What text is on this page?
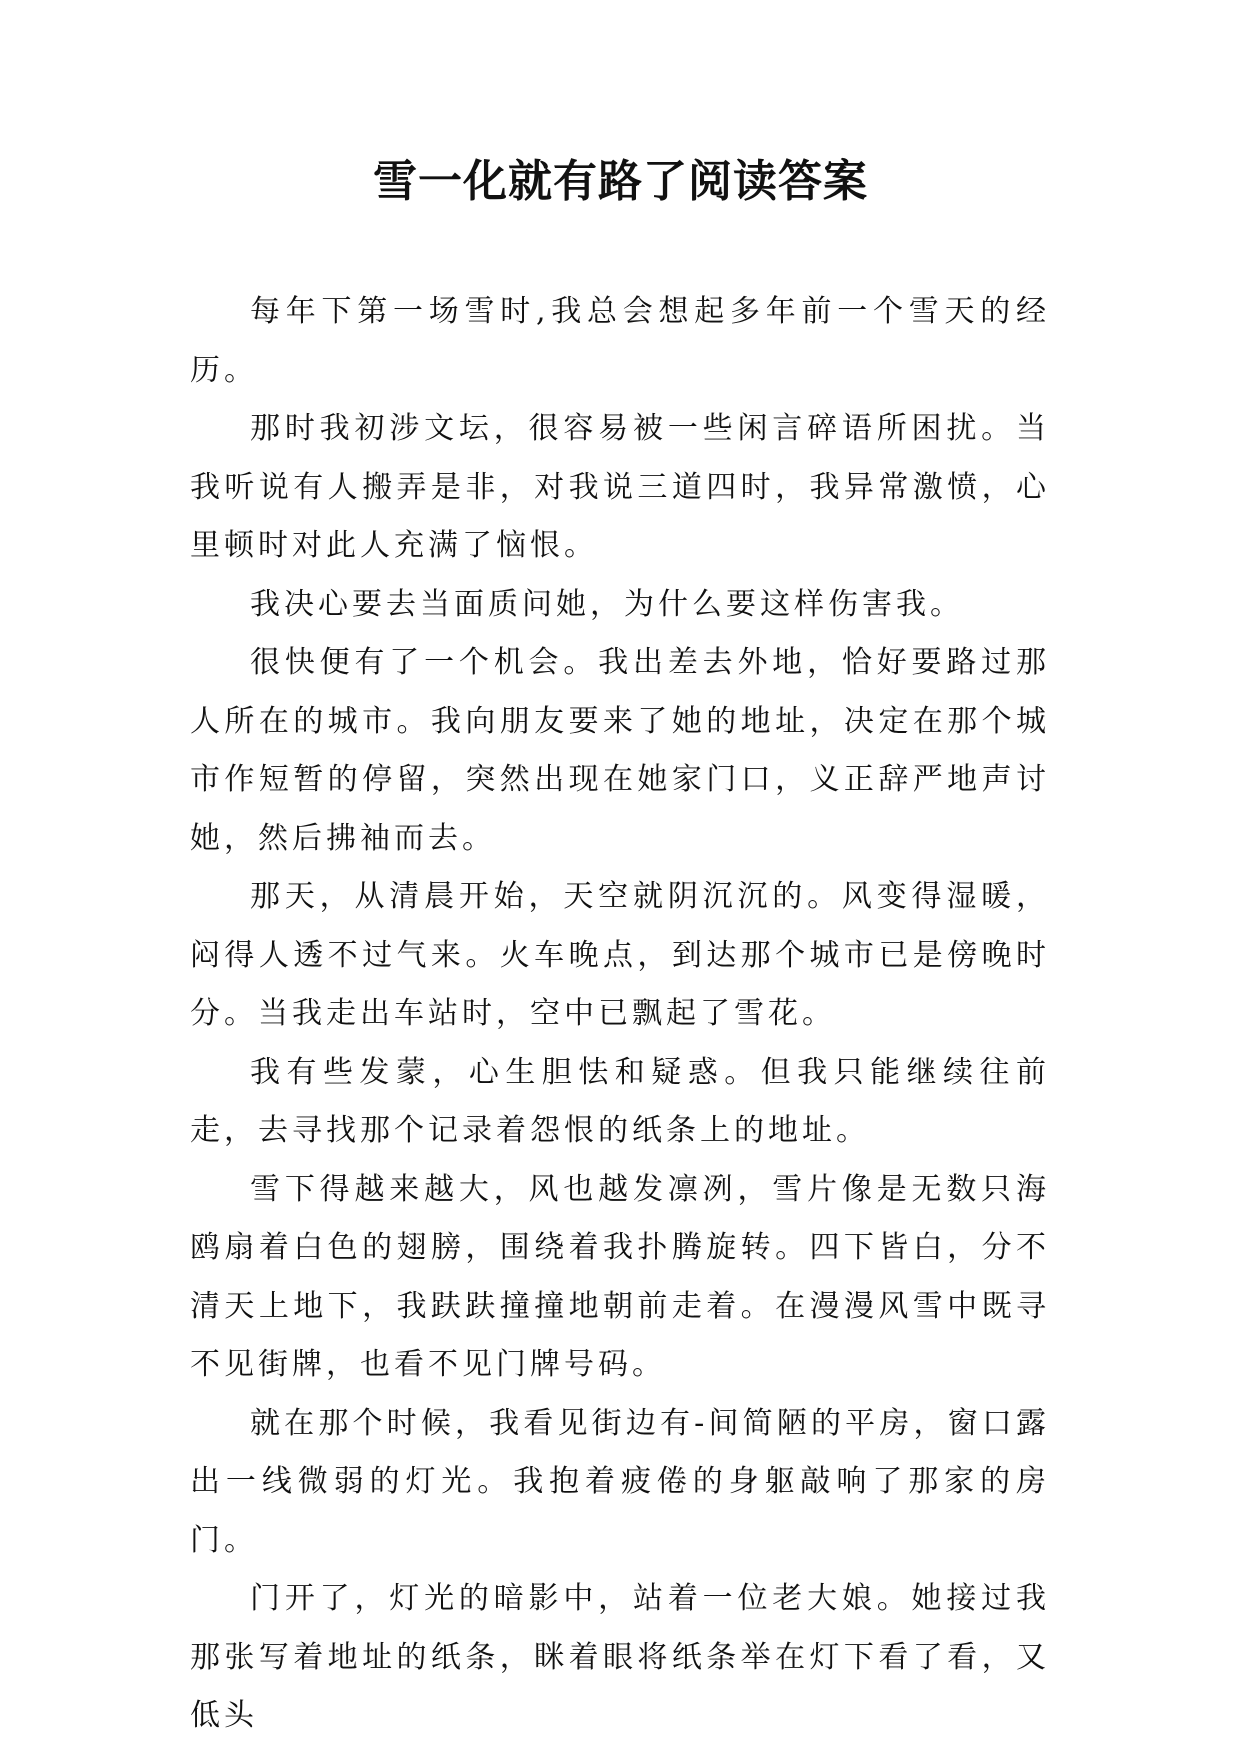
雪一化就有路了阅读答案

每年下第一场雪时,我总会想起多年前一个雪天的经历。

那时我初涉文坛，很容易被一些闲言碎语所困扰。当我听说有人搬弄是非，对我说三道四时，我异常激愤，心里顿时对此人充满了恼恨。

我决心要去当面质问她，为什么要这样伤害我。

很快便有了一个机会。我出差去外地，恰好要路过那人所在的城市。我向朋友要来了她的地址，决定在那个城市作短暂的停留，突然出现在她家门口，义正辞严地声讨她，然后拂袖而去。

那天，从清晨开始，天空就阴沉沉的。风变得湿暖，闷得人透不过气来。火车晚点，到达那个城市已是傍晚时分。当我走出车站时，空中已飘起了雪花。

我有些发蒙，心生胆怯和疑惑。但我只能继续往前走，去寻找那个记录着怨恨的纸条上的地址。

雪下得越来越大，风也越发凛冽，雪片像是无数只海鸥扇着白色的翅膀，围绕着我扑腾旋转。四下皆白，分不清天上地下，我趺趺撞撞地朝前走着。在漫漫风雪中既寻不见街牌，也看不见门牌号码。

就在那个时候，我看见街边有-间简陋的平房，窗口露出一线微弱的灯光。我抱着疲倦的身躯敲响了那家的房门。

门开了，灯光的暗影中，站着一位老大娘。她接过我那张写着地址的纸条，眯着眼将纸条举在灯下看了看，又低头
